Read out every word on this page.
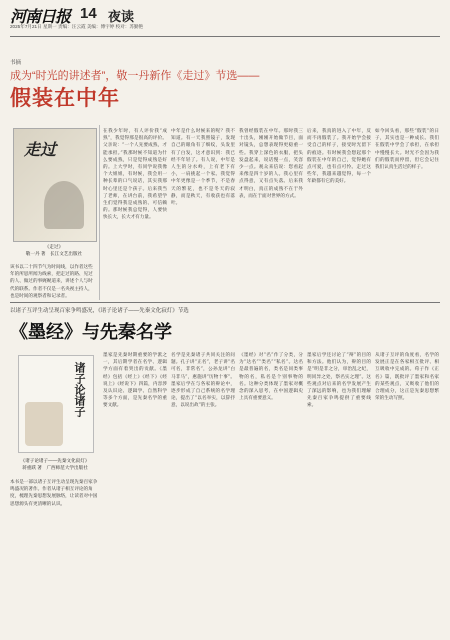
河南日报 14 夜读
2025年7月21日 星期一 责编：汪云霞 美编：傅宇婷 校对：苏勤艳
书摘
成为“时光的讲述者”，敬一丹新作《走过》节选——
假装在中年
走过
《走过》
敬一丹 著　长江文艺出版社
该书以二十四节气为时间线，以作者这些年的所思所闻为线索，把走过的路、见过的人、做过的事娓娓道来，讲述个人与时代的联系。作者不仅是一名央视主持人，也是时间的观察者和记录者。
在我少年时，有人评价我“成熟”，我觉得那是很高的评价。父亲说：“一个人先要成熟，才能承担。”我那时候不知道为什么要成熟，只是觉得成熟是好的。上大学时，有同学说我像个大姐姐，有时候，我会用一种长辈的口气说话，其实我那时心里还是个孩子。后来我当了老师，在讲台前，我希望学生们觉得我是成熟的、可信赖的。那时候我总觉得，人要快快长大，长大才有力量。
中年是什么时候来的呢？我不知道。有一天我照镜子，发现自己的眼角有了细纹，头发里有了白发，这才意识到：我已经不年轻了。有人说，中年是人生的分水岭，上有老下有小，一肩挑起一个家。我觉得中年更像是一个季节，不是春天的繁花，也不是冬天的寂静，而是秋天，有收获也有落叶。
我曾经假装在中年。那时我三十出头，刚刚开始做节目，面对镜头，总想表现得更稳重一些。我穿上深色的衣服，把头发盘起来，说话慢一点，笑容少一点。观众来信说：您看起来像是四十岁的人。我心里有点得意，又有点失落。后来我才明白，真正的成熟不在于外表，而在于面对世界的方式。
后来，我真的进入了中年，反而不再假装了。我开始学会接受自己的样子，接受时光留下的痕迹。有时候我会想起那个假装在中年的自己，觉得她有点可爱，也有点可怜。走过这些年，我越来越觉得，每一个年龄都有它的美好。
如今回头看，那些“假装”的日子，其实也是一种成长。我们在假装中学会了承担，在承担中慢慢长大。时光不会因为我们的假装而停留，但它会记住我们认真生活过的样子。
以诸子互评生动呈现百家争鸣盛况，《诸子论诸子——先秦文化寂灯》节选
《墨经》与先秦名学
诸子论诸子
《诸子论诸子——先秦文化寂灯》
蒋重跃 著　广西师范大学出版社
本书是一部以诸子互评生动呈现先秦百家争鸣盛况的著作。作者从诸子相互评论的角度，梳理先秦思想发展脉络，让读者对中国思想源头有更清晰的认识。
墨家是先秦时期重要的学派之一，其后期学者在名学、逻辑学方面有着突出的贡献。《墨经》包括《经上》《经下》《经说上》《经说下》四篇，内容涉及认识论、逻辑学、自然科学等多个方面，是先秦名学的重要文献。
名学是先秦诸子共同关注的问题。孔子讲“正名”，老子讲“名可名，非常名”，公孙龙讲“白马非马”，惠施讲“历物十事”。墨家后学在与各家的辩论中，逐步形成了自己系统的名学理论，提出了“以名举实，以辞抒意，以说出故”的主张。
《墨经》对“名”作了分类，分为“达名”“类名”“私名”。达名是最普遍的名，类名是同类事物的名，私名是个别事物的名。这种分类体现了墨家对概念的深入思考，在中国逻辑史上具有重要意义。
墨家后学还讨论了“辩”的目的和方法。他们认为，辩的目的是“明是非之分，审治乱之纪，明同异之处，察名实之理”。这些观点对后来的名学发展产生了深远的影响，也为我们理解先秦百家争鸣提供了重要线索。
从诸子互评的角度看，名学的发展正是在各家相互批评、相互吸收中完成的。荀子作《正名》篇，既批评了墨家和名家的某些观点，又吸收了他们的合理成分，这正是先秦思想繁荣的生动写照。
